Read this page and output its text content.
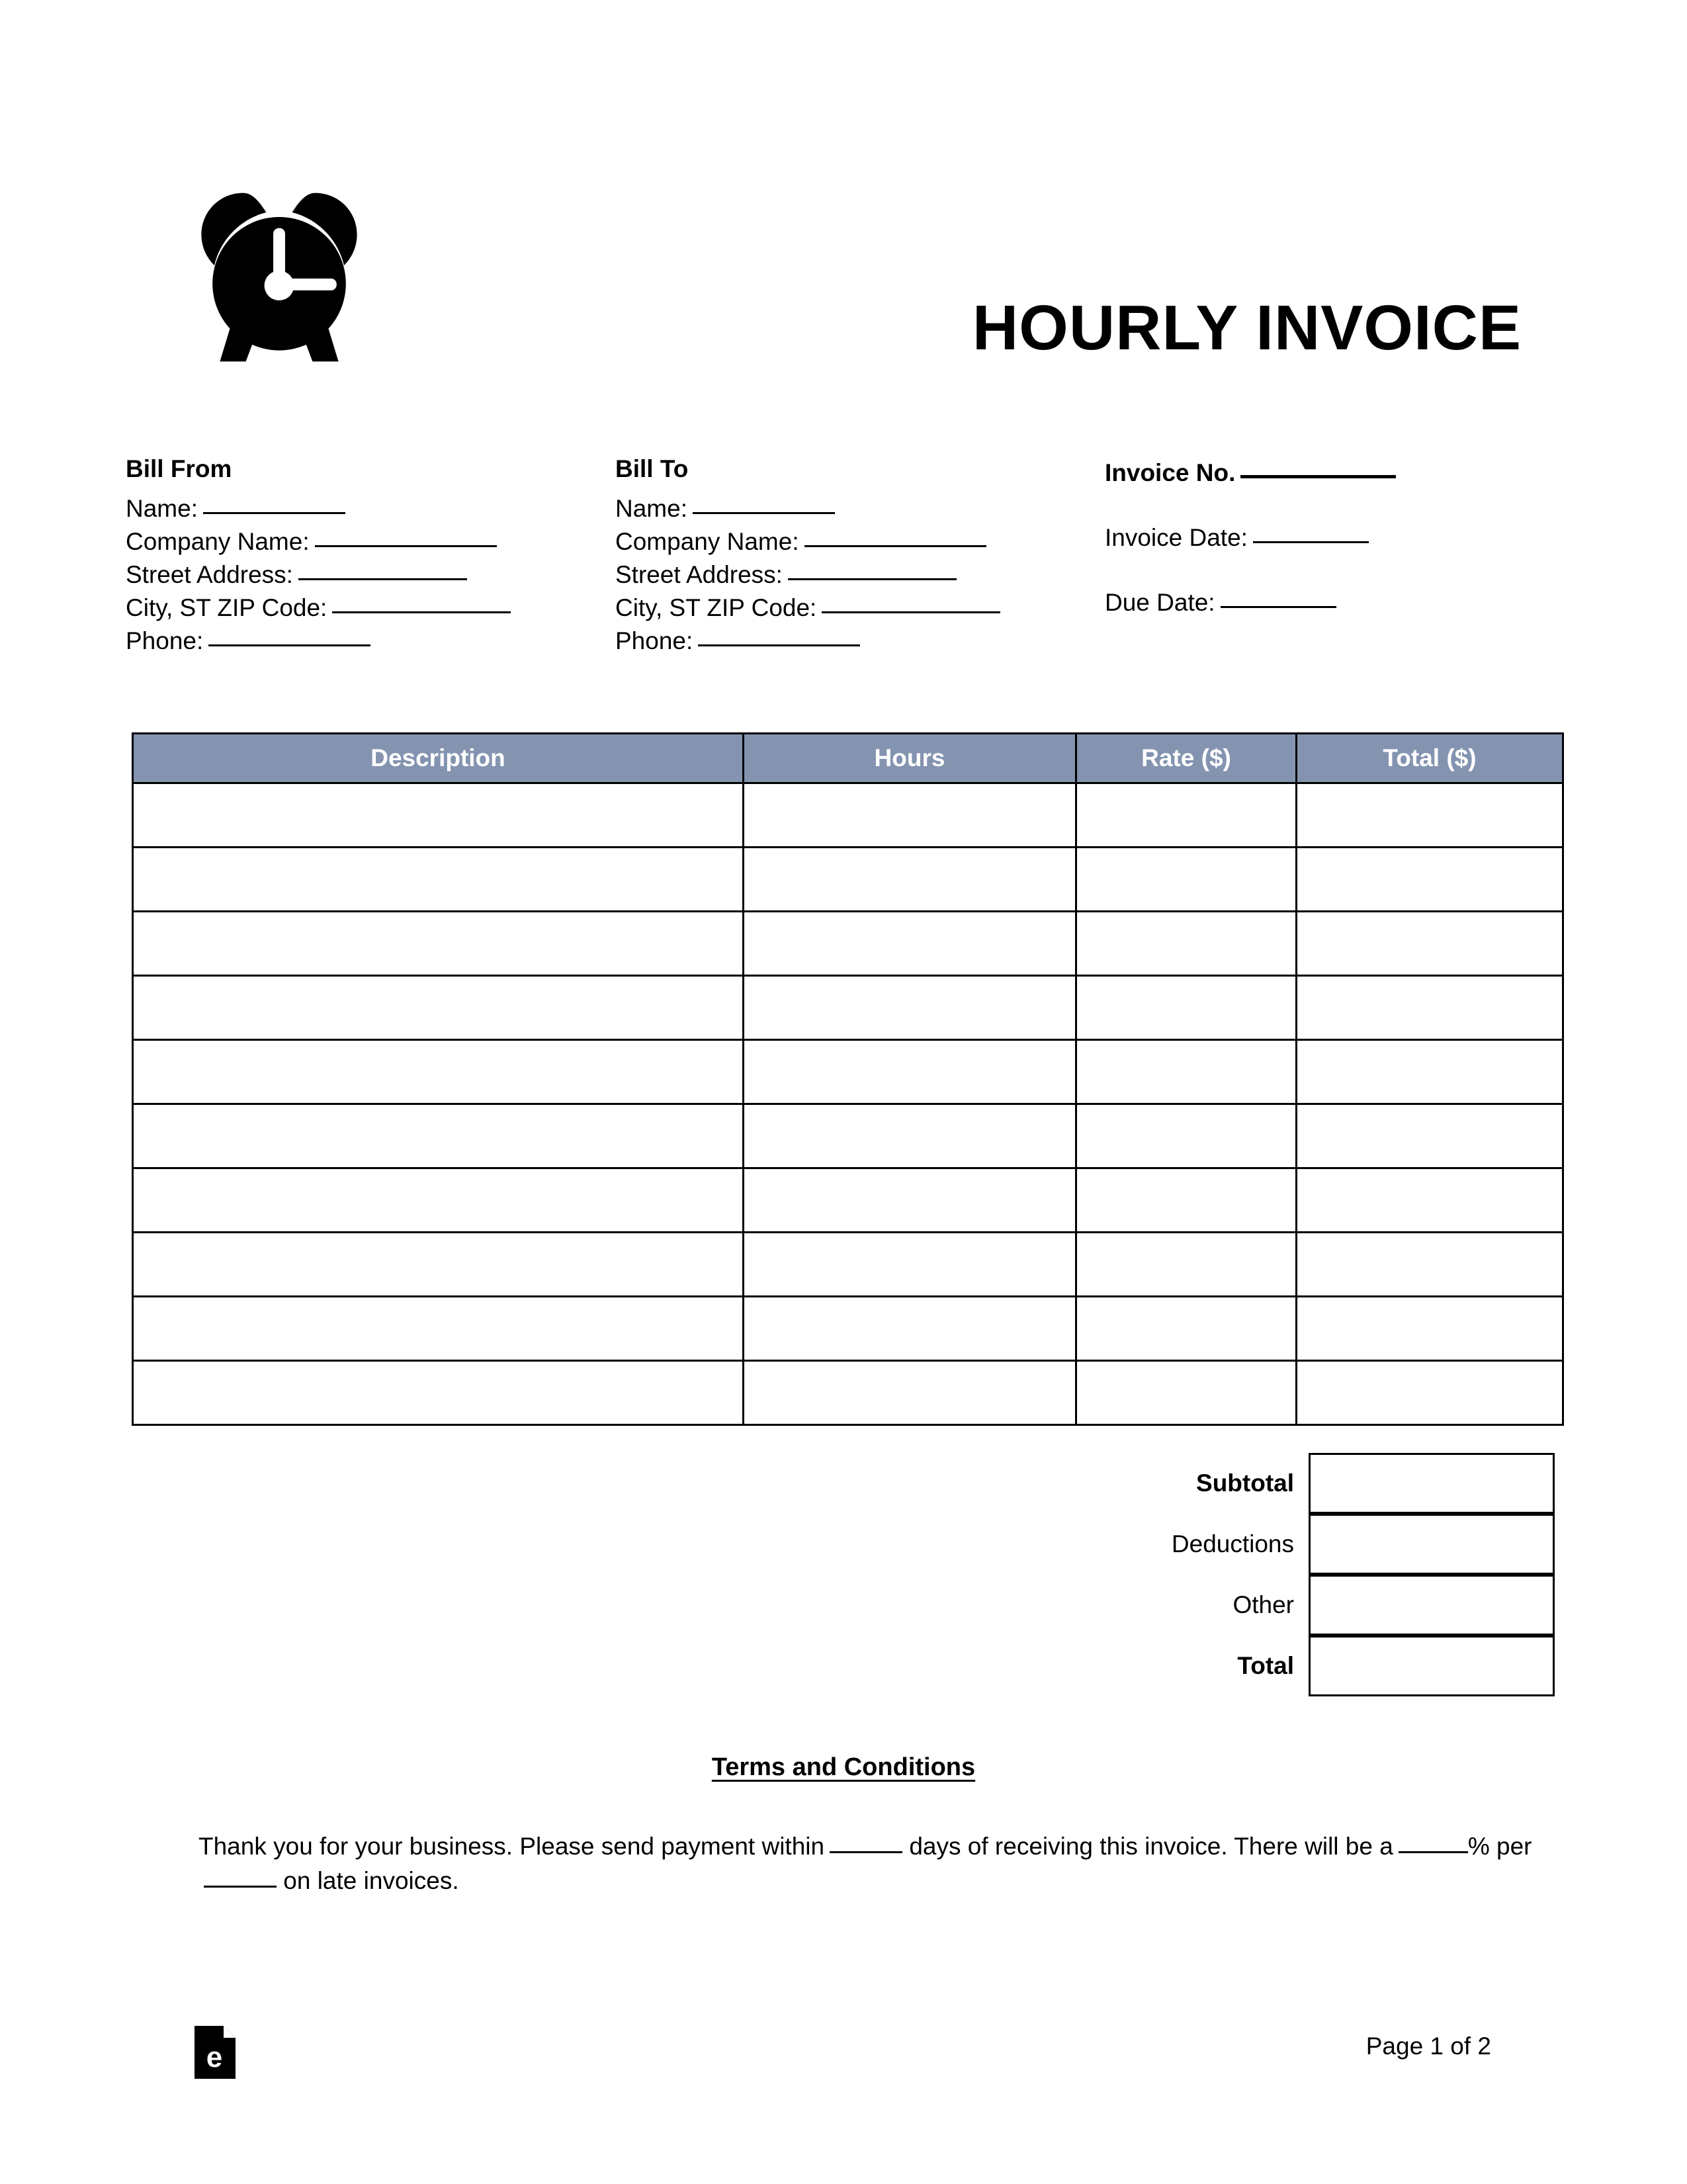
HOURLY INVOICE
Bill From
Name:
Company Name:
Street Address:
City, ST ZIP Code:
Phone:
Bill To
Name:
Company Name:
Street Address:
City, ST ZIP Code:
Phone:
Invoice No.
Invoice Date:
Due Date:
Description	Hours	Rate ($)	Total ($)

Subtotal
Deductions
Other
Total
Terms and Conditions

Thank you for your business. Please send payment within	days of receiving this invoice. There will be a	% per on late invoices.

e	Page 1 of 2
